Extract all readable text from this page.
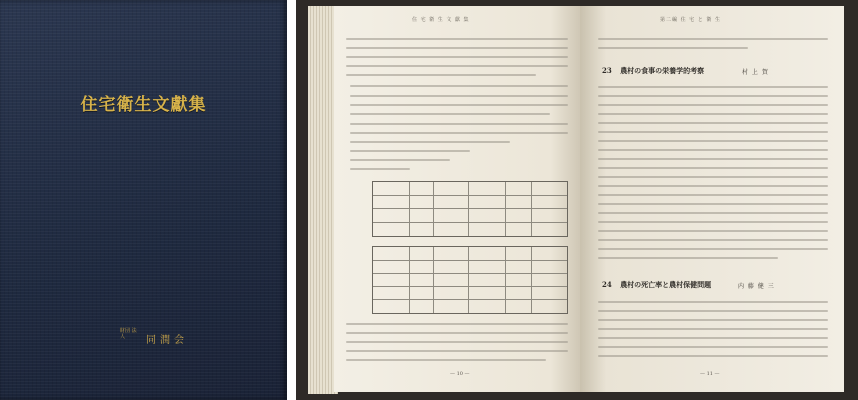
住宅衛生文獻集
財団 法人	同潤会
住 宅 衛 生 文 獻 集
— 10 —
第二編 住 宅 と 衛 生
23 農村の食事の栄養学的考察	村 上 賀
24 農村の死亡率と農村保健問題	内 藤 健 三
— 11 —
